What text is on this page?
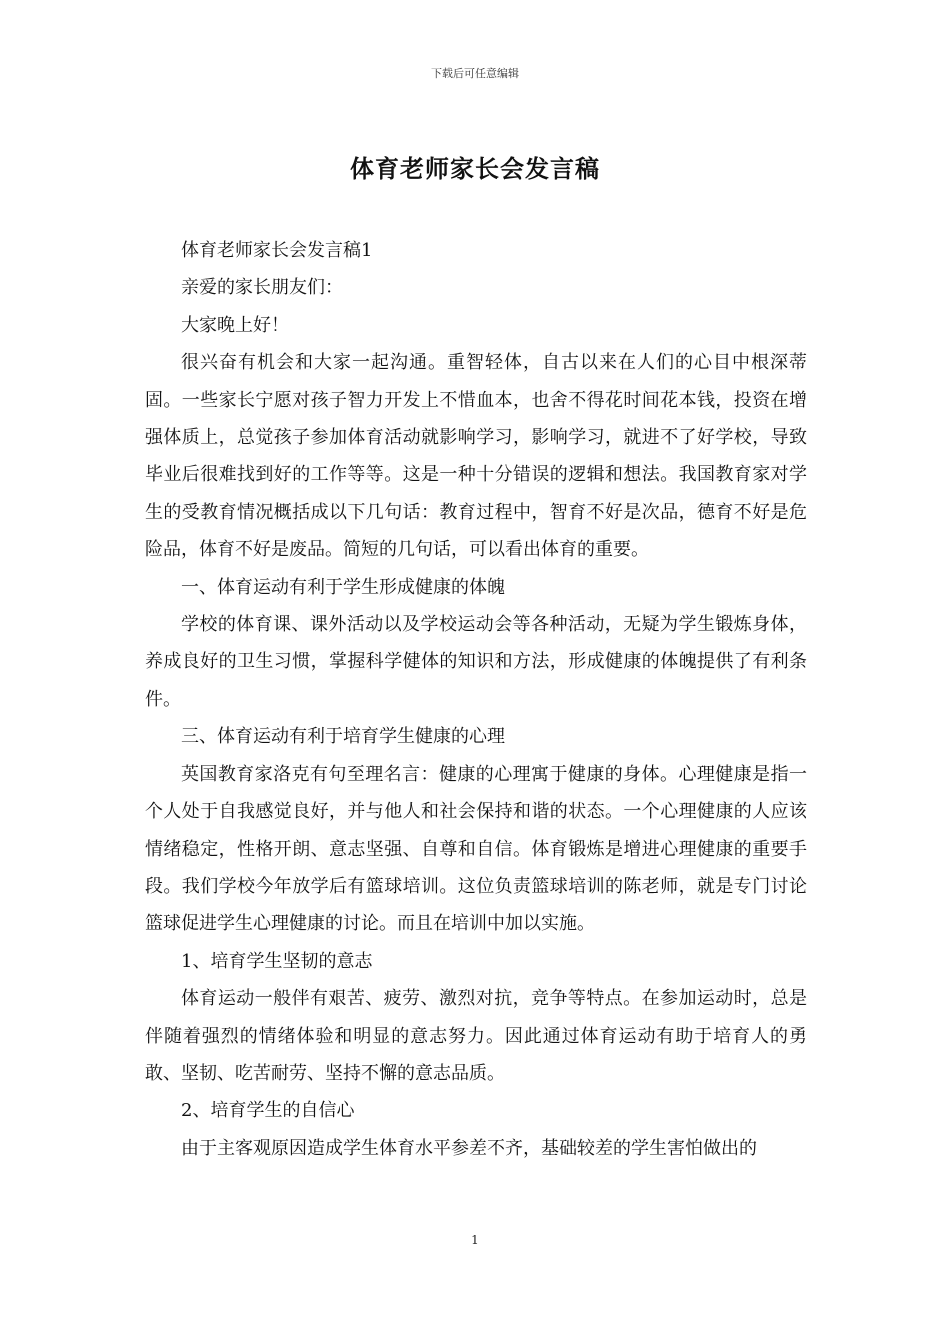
下载后可任意编辑
体育老师家长会发言稿

体育老师家长会发言稿1

亲爱的家长朋友们：

大家晚上好！

很兴奋有机会和大家一起沟通。重智轻体，自古以来在人们的心目中根深蒂固。一些家长宁愿对孩子智力开发上不惜血本，也舍不得花时间花本钱，投资在增强体质上，总觉孩子参加体育活动就影响学习，影响学习，就进不了好学校，导致毕业后很难找到好的工作等等。这是一种十分错误的逻辑和想法。我国教育家对学生的受教育情况概括成以下几句话：教育过程中，智育不好是次品，德育不好是危险品，体育不好是废品。简短的几句话，可以看出体育的重要。

一、体育运动有利于学生形成健康的体魄

学校的体育课、课外活动以及学校运动会等各种活动，无疑为学生锻炼身体，养成良好的卫生习惯，掌握科学健体的知识和方法，形成健康的体魄提供了有利条件。

三、体育运动有利于培育学生健康的心理

英国教育家洛克有句至理名言：健康的心理寓于健康的身体。心理健康是指一个人处于自我感觉良好，并与他人和社会保持和谐的状态。一个心理健康的人应该情绪稳定，性格开朗、意志坚强、自尊和自信。体育锻炼是增进心理健康的重要手段。我们学校今年放学后有篮球培训。这位负责篮球培训的陈老师，就是专门讨论篮球促进学生心理健康的讨论。而且在培训中加以实施。

1、培育学生坚韧的意志

体育运动一般伴有艰苦、疲劳、激烈对抗，竞争等特点。在参加运动时，总是伴随着强烈的情绪体验和明显的意志努力。因此通过体育运动有助于培育人的勇敢、坚韧、吃苦耐劳、坚持不懈的意志品质。

2、培育学生的自信心

由于主客观原因造成学生体育水平参差不齐，基础较差的学生害怕做出的

1
